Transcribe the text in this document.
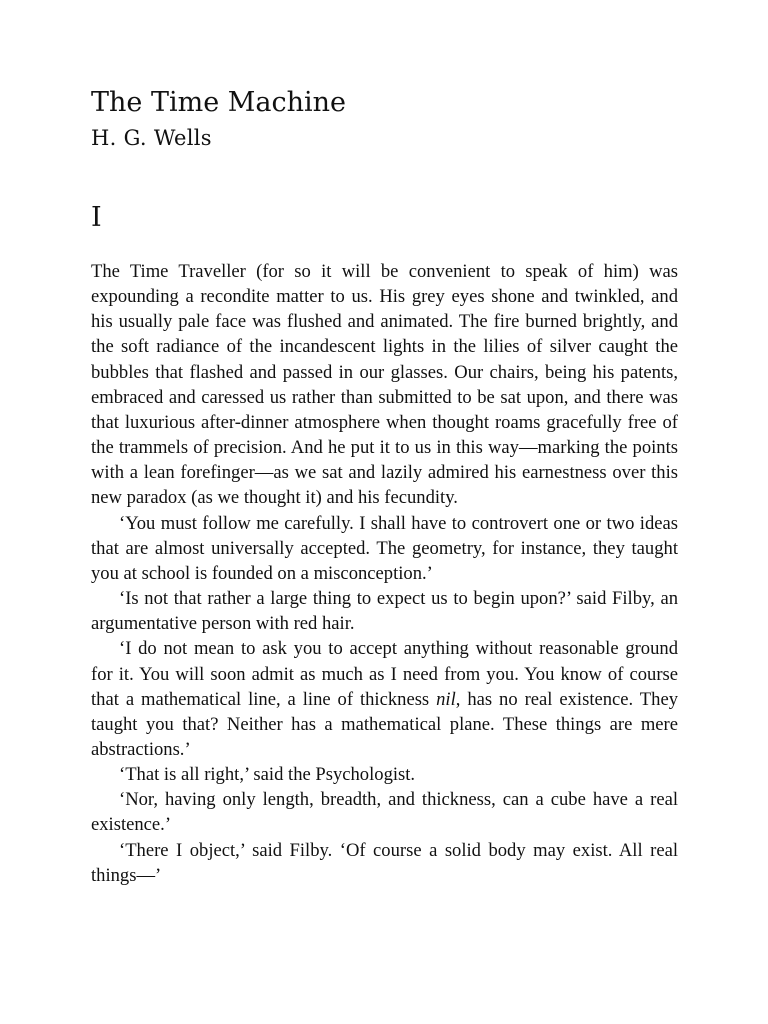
The Time Machine
H. G. Wells
I

The Time Traveller (for so it will be convenient to speak of him) was expounding a recondite matter to us. His grey eyes shone and twinkled, and his usually pale face was flushed and animated. The fire burned brightly, and the soft radiance of the incandescent lights in the lilies of silver caught the bubbles that flashed and passed in our glasses. Our chairs, being his patents, embraced and caressed us rather than submitted to be sat upon, and there was that luxurious after-dinner atmosphere when thought roams gracefully free of the trammels of precision. And he put it to us in this way—marking the points with a lean forefinger—as we sat and lazily admired his earnestness over this new paradox (as we thought it) and his fecundity.

‘You must follow me carefully. I shall have to controvert one or two ideas that are almost universally accepted. The geometry, for instance, they taught you at school is founded on a misconception.’

‘Is not that rather a large thing to expect us to begin upon?’ said Filby, an argumentative person with red hair.

‘I do not mean to ask you to accept anything without reasonable ground for it. You will soon admit as much as I need from you. You know of course that a mathematical line, a line of thickness nil, has no real existence. They taught you that? Neither has a mathematical plane. These things are mere abstractions.’

‘That is all right,’ said the Psychologist.

‘Nor, having only length, breadth, and thickness, can a cube have a real existence.’

‘There I object,’ said Filby. ‘Of course a solid body may exist. All real things—’
